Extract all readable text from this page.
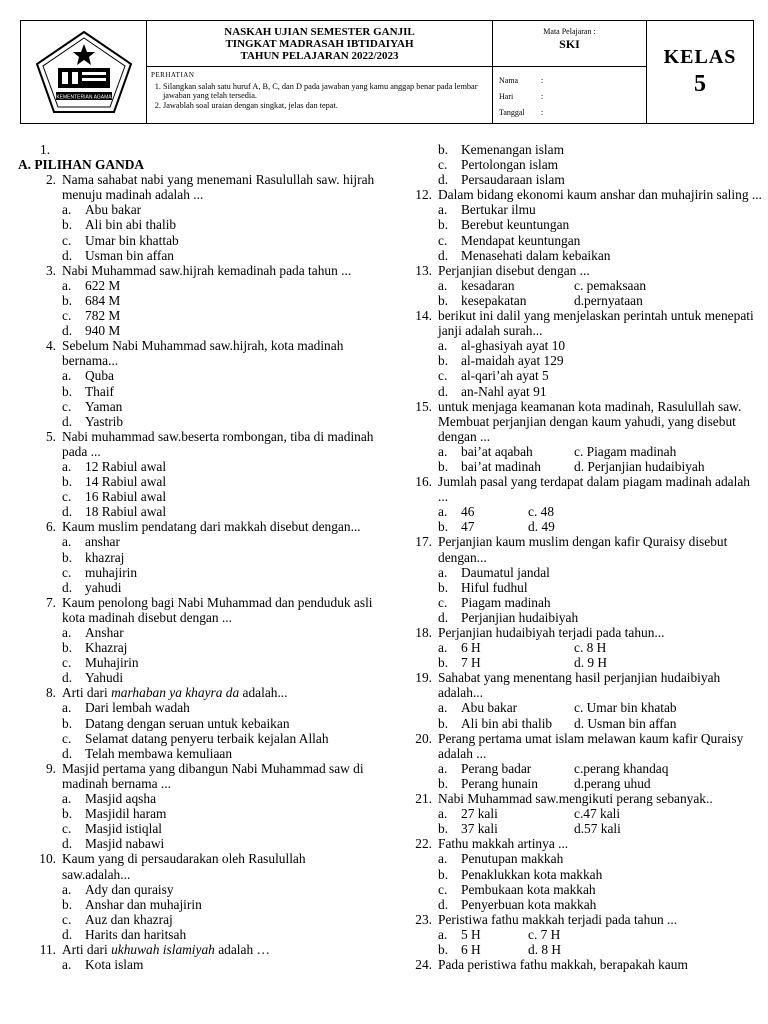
KEMENTERIAN AGAMA
NASKAH UJIAN SEMESTER GANJIL
TINGKAT MADRASAH IBTIDAIYAH
TAHUN PELAJARAN 2022/2023
PERHATIAN
1. Silangkan salah satu huruf A, B, C, dan D pada jawaban yang kamu anggap benar pada lembar jawaban yang telah tersedia.
2. Jawablah soal uraian dengan singkat, jelas dan tepat.
Mata Pelajaran :
SKI
Nama	:
Hari	:
Tanggal	:
KELAS
5
1.
A. PILIHAN GANDA
2. Nama sahabat nabi yang menemani Rasulullah saw. hijrah menuju madinah adalah ...
a.	Abu bakar
b. Ali bin abi thalib
c.	Umar bin khattab
d. Usman bin affan
3. Nabi Muhammad saw.hijrah kemadinah pada tahun ...
a.	622 M
b. 684 M
c.	782 M
d. 940 M
4. Sebelum Nabi Muhammad saw.hijrah, kota madinah bernama...
a.	Quba
b. Thaif
c.	Yaman
d. Yastrib
5. Nabi muhammad saw.beserta rombongan, tiba di madinah pada ...
a.	12 Rabiul awal
b. 14 Rabiul awal
c.	16 Rabiul awal
d. 18 Rabiul awal
6. Kaum muslim pendatang dari makkah disebut dengan...
a.	anshar
b. khazraj
c.	muhajirin
d. yahudi
7. Kaum penolong bagi Nabi Muhammad dan penduduk asli kota madinah disebut dengan ...
a.	Anshar
b. Khazraj
c.	Muhajirin
d. Yahudi
8. Arti dari marhaban ya khayra da adalah...
a.	Dari lembah wadah
b. Datang dengan seruan untuk kebaikan
c.	Selamat datang penyeru terbaik kejalan Allah
d. Telah membawa kemuliaan
9. Masjid pertama yang dibangun Nabi Muhammad saw di madinah bernama ...
a.	Masjid aqsha
b. Masjidil haram
c.	Masjid istiqlal
d. Masjid nabawi
10. Kaum yang di persaudarakan oleh Rasulullah saw.adalah...
a.	Ady dan quraisy
b. Anshar dan muhajirin
c.	Auz dan khazraj
d. Harits dan haritsah
11. Arti dari ukhuwah islamiyah adalah …
a.	Kota islam
b. Kemenangan islam
c.	Pertolongan islam
d. Persaudaraan islam
12. Dalam bidang ekonomi kaum anshar dan muhajirin saling ...
a.	Bertukar ilmu
b. Berebut keuntungan
c.	Mendapat keuntungan
d. Menasehati dalam kebaikan
13. Perjanjian disebut dengan ...
a.	kesadaran	c. pemaksaan
b. kesepakatan	d.pernyataan
14. berikut ini dalil yang menjelaskan perintah untuk menepati janji adalah surah...
a.	al-ghasiyah ayat 10
b. al-maidah ayat 129
c.	al-qari’ah ayat 5
d. an-Nahl ayat 91
15. untuk menjaga keamanan kota madinah, Rasulullah saw. Membuat perjanjian dengan kaum yahudi, yang disebut dengan ...
a.	bai’at aqabah	c. Piagam madinah
b. bai’at madinah	d. Perjanjian hudaibiyah
16. Jumlah pasal yang terdapat dalam piagam madinah adalah ...
a.	46	c. 48
b. 47	d. 49
17. Perjanjian kaum muslim dengan kafir Quraisy disebut dengan...
a.	Daumatul jandal
b. Hiful fudhul
c.	Piagam madinah
d. Perjanjian hudaibiyah
18. Perjanjian hudaibiyah terjadi pada tahun...
a.	6 H	c. 8 H
b. 7 H	d. 9 H
19. Sahabat yang menentang hasil perjanjian hudaibiyah adalah...
a.	Abu bakar	c. Umar bin khatab
b. Ali bin abi thalib	d. Usman bin affan
20. Perang pertama umat islam melawan kaum kafir Quraisy adalah ...
a.	Perang badar	c.perang khandaq
b. Perang hunain	d.perang uhud
21. Nabi Muhammad saw.mengikuti perang sebanyak..
a.	27 kali	c.47 kali
b. 37 kali	d.57 kali
22. Fathu makkah artinya ...
a.	Penutupan makkah
b. Penaklukkan kota makkah
c.	Pembukaan kota makkah
d. Penyerbuan kota makkah
23. Peristiwa fathu makkah terjadi pada tahun ...
a.	5 H	c. 7 H
b. 6 H	d. 8 H
24. Pada peristiwa fathu makkah, berapakah kaum
